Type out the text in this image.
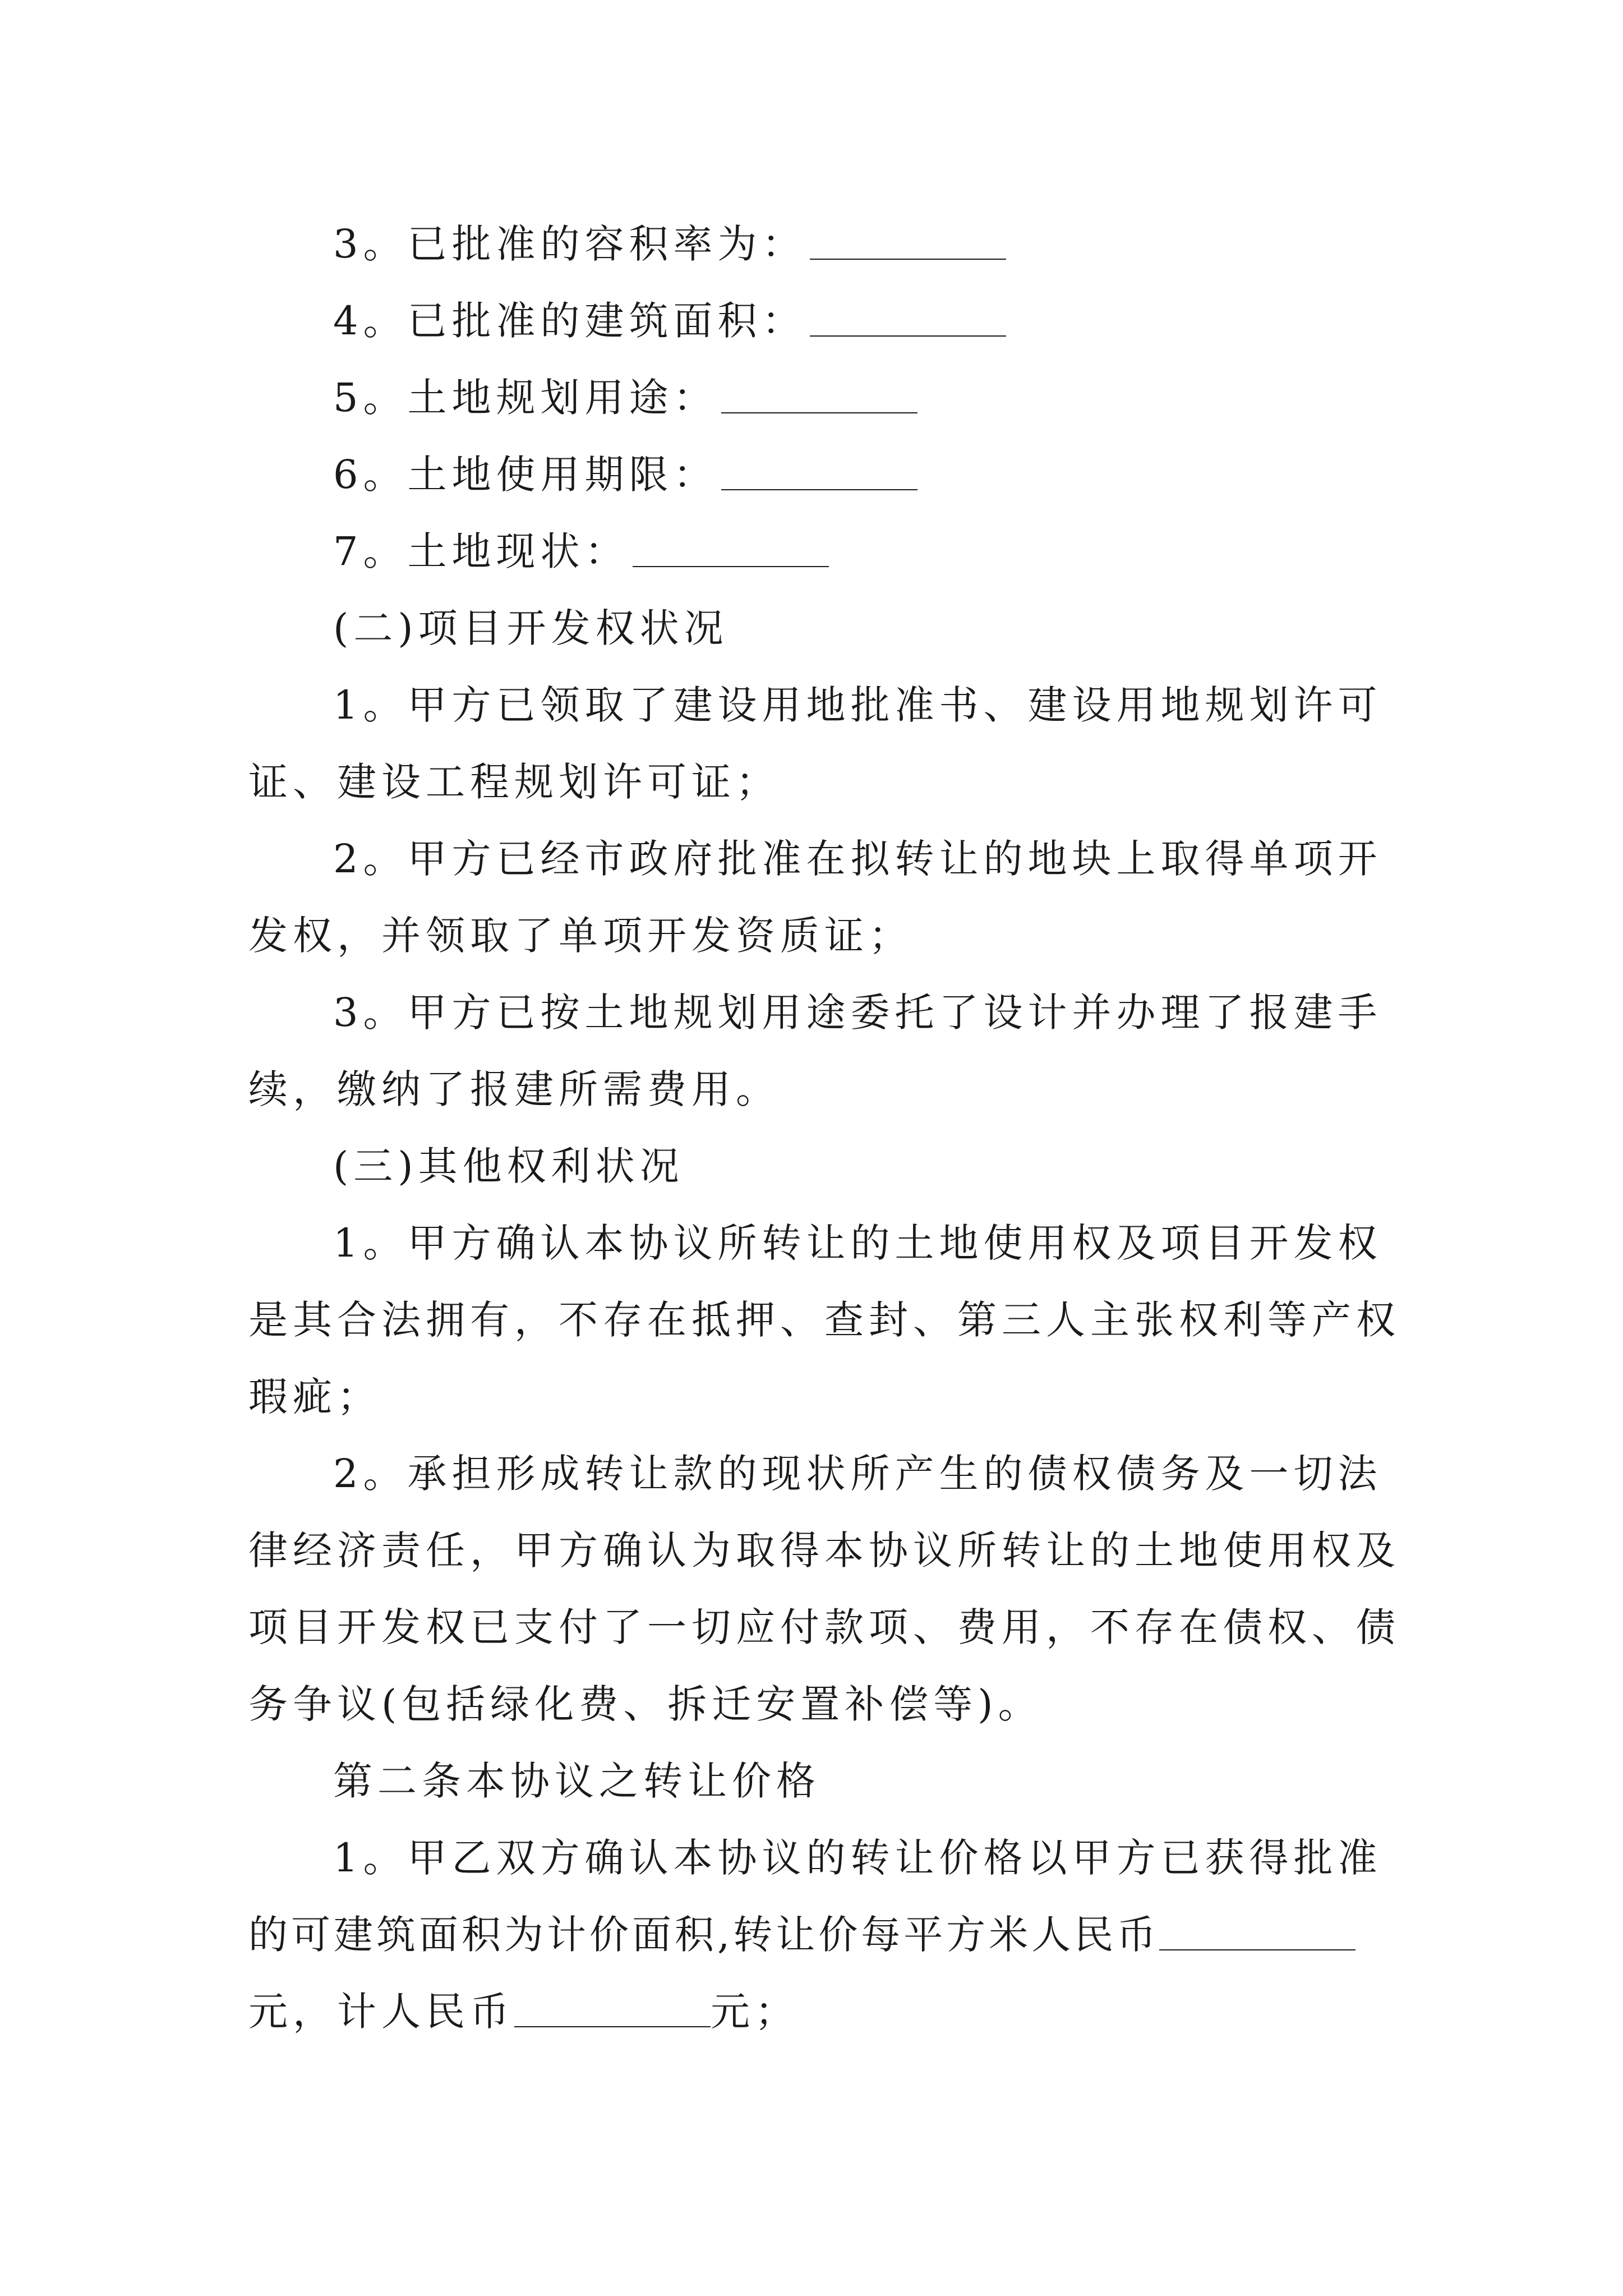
3。已批准的容积率为：
4。已批准的建筑面积：
5。土地规划用途：
6。土地使用期限：
7。土地现状：
(二)项目开发权状况
1。甲方已领取了建设用地批准书、建设用地规划许可
证、建设工程规划许可证；
2。甲方已经市政府批准在拟转让的地块上取得单项开
发权，并领取了单项开发资质证；
3。甲方已按土地规划用途委托了设计并办理了报建手
续，缴纳了报建所需费用。
(三)其他权利状况
1。甲方确认本协议所转让的土地使用权及项目开发权
是其合法拥有，不存在抵押、查封、第三人主张权利等产权
瑕疵；
2。承担形成转让款的现状所产生的债权债务及一切法
律经济责任，甲方确认为取得本协议所转让的土地使用权及
项目开发权已支付了一切应付款项、费用，不存在债权、债
务争议(包括绿化费、拆迁安置补偿等)。
第二条本协议之转让价格
1。甲乙双方确认本协议的转让价格以甲方已获得批准
的可建筑面积为计价面积,转让价每平方米人民币
元，计人民币	元；
